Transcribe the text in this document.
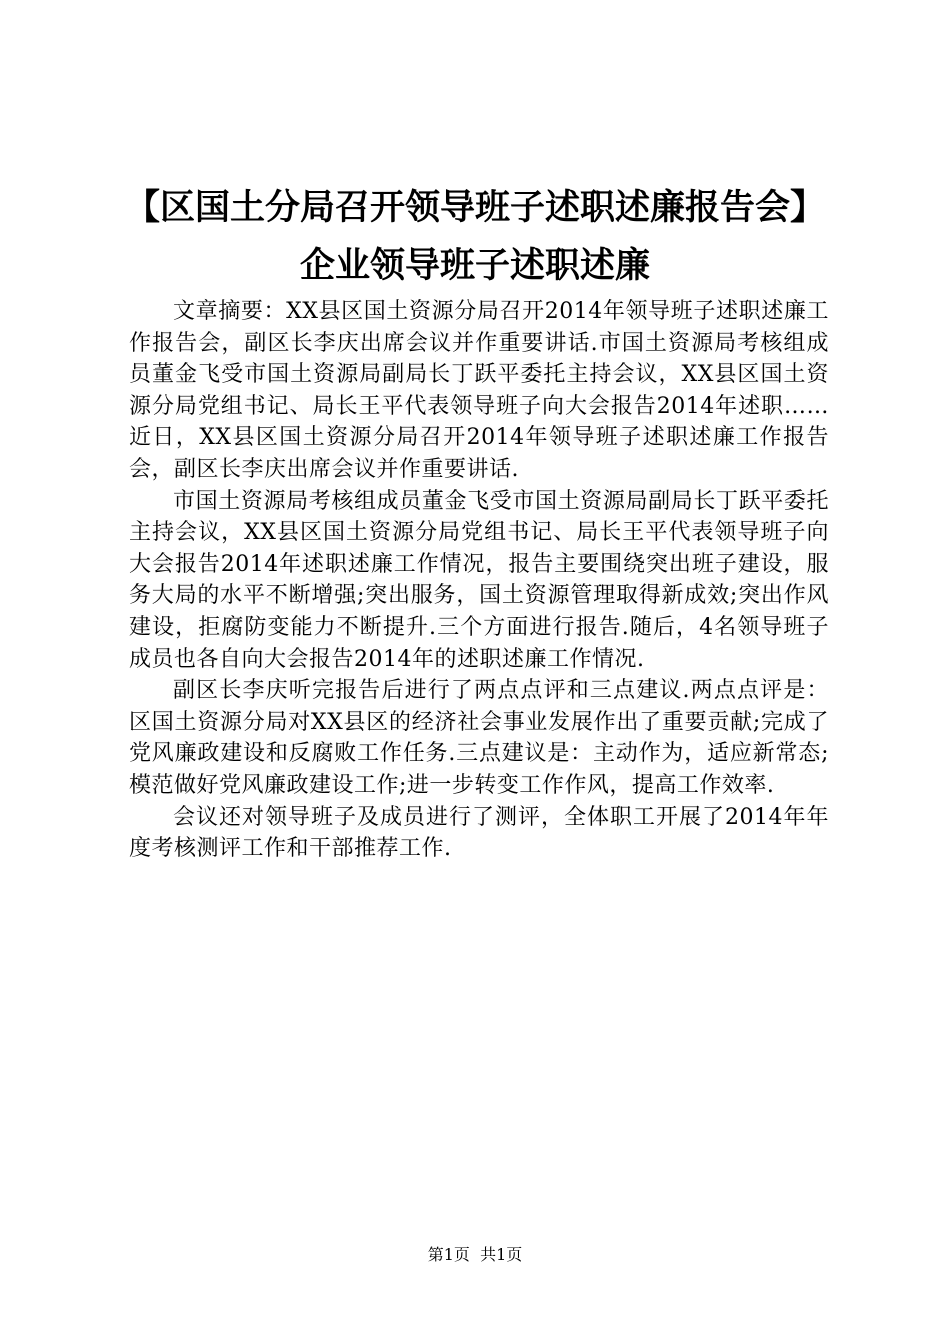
【区国土分局召开领导班子述职述廉报告会】
企业领导班子述职述廉

文章摘要：XX县区国土资源分局召开2014年领导班子述职述廉工作报告会，副区长李庆出席会议并作重要讲话.市国土资源局考核组成员董金飞受市国土资源局副局长丁跃平委托主持会议，XX县区国土资源分局党组书记、局长王平代表领导班子向大会报告2014年述职……近日，XX县区国土资源分局召开2014年领导班子述职述廉工作报告会，副区长李庆出席会议并作重要讲话.

市国土资源局考核组成员董金飞受市国土资源局副局长丁跃平委托主持会议，XX县区国土资源分局党组书记、局长王平代表领导班子向大会报告2014年述职述廉工作情况，报告主要围绕突出班子建设，服务大局的水平不断增强;突出服务，国土资源管理取得新成效;突出作风建设，拒腐防变能力不断提升.三个方面进行报告.随后，4名领导班子成员也各自向大会报告2014年的述职述廉工作情况.

副区长李庆听完报告后进行了两点点评和三点建议.两点点评是：区国土资源分局对XX县区的经济社会事业发展作出了重要贡献;完成了党风廉政建设和反腐败工作任务.三点建议是：主动作为，适应新常态;模范做好党风廉政建设工作;进一步转变工作作风，提高工作效率.

会议还对领导班子及成员进行了测评，全体职工开展了2014年年度考核测评工作和干部推荐工作.

第1页  共1页
